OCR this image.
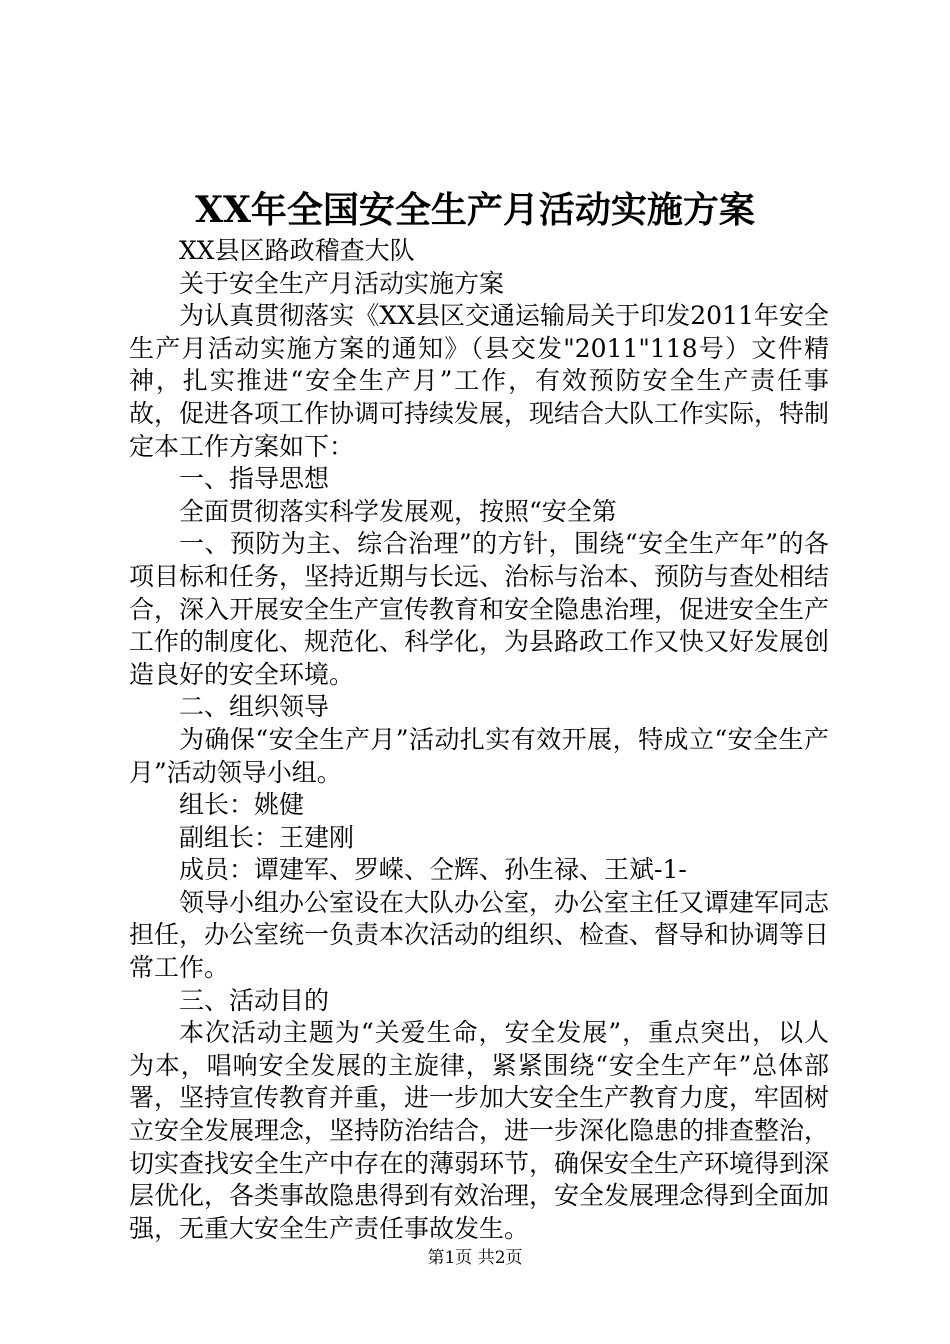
XX年全国安全生产月活动实施方案

XX县区路政稽查大队

关于安全生产月活动实施方案

为认真贯彻落实《XX县区交通运输局关于印发2011年安全生产月活动实施方案的通知》（县交发"2011"118号）文件精神，扎实推进“安全生产月”工作，有效预防安全生产责任事故，促进各项工作协调可持续发展，现结合大队工作实际，特制定本工作方案如下：

一、指导思想

全面贯彻落实科学发展观，按照“安全第

一、预防为主、综合治理”的方针，围绕“安全生产年”的各项目标和任务，坚持近期与长远、治标与治本、预防与查处相结合，深入开展安全生产宣传教育和安全隐患治理，促进安全生产工作的制度化、规范化、科学化，为县路政工作又快又好发展创造良好的安全环境。

二、组织领导

为确保“安全生产月”活动扎实有效开展，特成立“安全生产月”活动领导小组。

组长：姚健

副组长：王建刚

成员：谭建军、罗嵘、仝辉、孙生禄、王斌-1-

领导小组办公室设在大队办公室，办公室主任又谭建军同志担任，办公室统一负责本次活动的组织、检查、督导和协调等日常工作。

三、活动目的

本次活动主题为“关爱生命，安全发展”，重点突出，以人为本，唱响安全发展的主旋律，紧紧围绕“安全生产年”总体部署，坚持宣传教育并重，进一步加大安全生产教育力度，牢固树立安全发展理念，坚持防治结合，进一步深化隐患的排查整治，切实查找安全生产中存在的薄弱环节，确保安全生产环境得到深层优化，各类事故隐患得到有效治理，安全发展理念得到全面加强，无重大安全生产责任事故发生。

第1页 共2页
